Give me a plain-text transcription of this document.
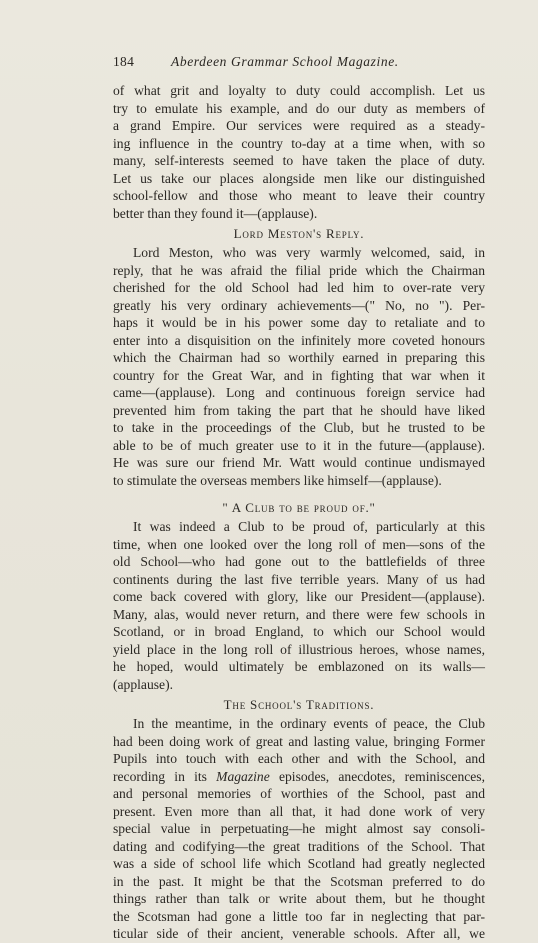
184	Aberdeen Grammar School Magazine.
of what grit and loyalty to duty could accomplish. Let us
try to emulate his example, and do our duty as members of
a grand Empire. Our services were required as a steady-
ing influence in the country to-day at a time when, with so
many, self-interests seemed to have taken the place of duty.
Let us take our places alongside men like our distinguished
school-fellow and those who meant to leave their country
better than they found it—(applause).
Lord Meston's Reply.
Lord Meston, who was very warmly welcomed, said, in
reply, that he was afraid the filial pride which the Chairman
cherished for the old School had led him to over-rate very
greatly his very ordinary achievements—(" No, no "). Per-
haps it would be in his power some day to retaliate and to
enter into a disquisition on the infinitely more coveted honours
which the Chairman had so worthily earned in preparing this
country for the Great War, and in fighting that war when it
came—(applause). Long and continuous foreign service had
prevented him from taking the part that he should have liked
to take in the proceedings of the Club, but he trusted to be
able to be of much greater use to it in the future—(applause).
He was sure our friend Mr. Watt would continue undismayed
to stimulate the overseas members like himself—(applause).
" A Club to be proud of."
It was indeed a Club to be proud of, particularly at this
time, when one looked over the long roll of men—sons of the
old School—who had gone out to the battlefields of three
continents during the last five terrible years. Many of us had
come back covered with glory, like our President—(applause).
Many, alas, would never return, and there were few schools in
Scotland, or in broad England, to which our School would
yield place in the long roll of illustrious heroes, whose names,
he hoped, would ultimately be emblazoned on its walls—
(applause).
The School's Traditions.
In the meantime, in the ordinary events of peace, the Club
had been doing work of great and lasting value, bringing Former
Pupils into touch with each other and with the School, and
recording in its Magazine episodes, anecdotes, reminiscences,
and personal memories of worthies of the School, past and
present. Even more than all that, it had done work of very
special value in perpetuating—he might almost say consoli-
dating and codifying—the great traditions of the School. That
was a side of school life which Scotland had greatly neglected
in the past. It might be that the Scotsman preferred to do
things rather than talk or write about them, but he thought
the Scotsman had gone a little too far in neglecting that par-
ticular side of their ancient, venerable schools. After all, we
